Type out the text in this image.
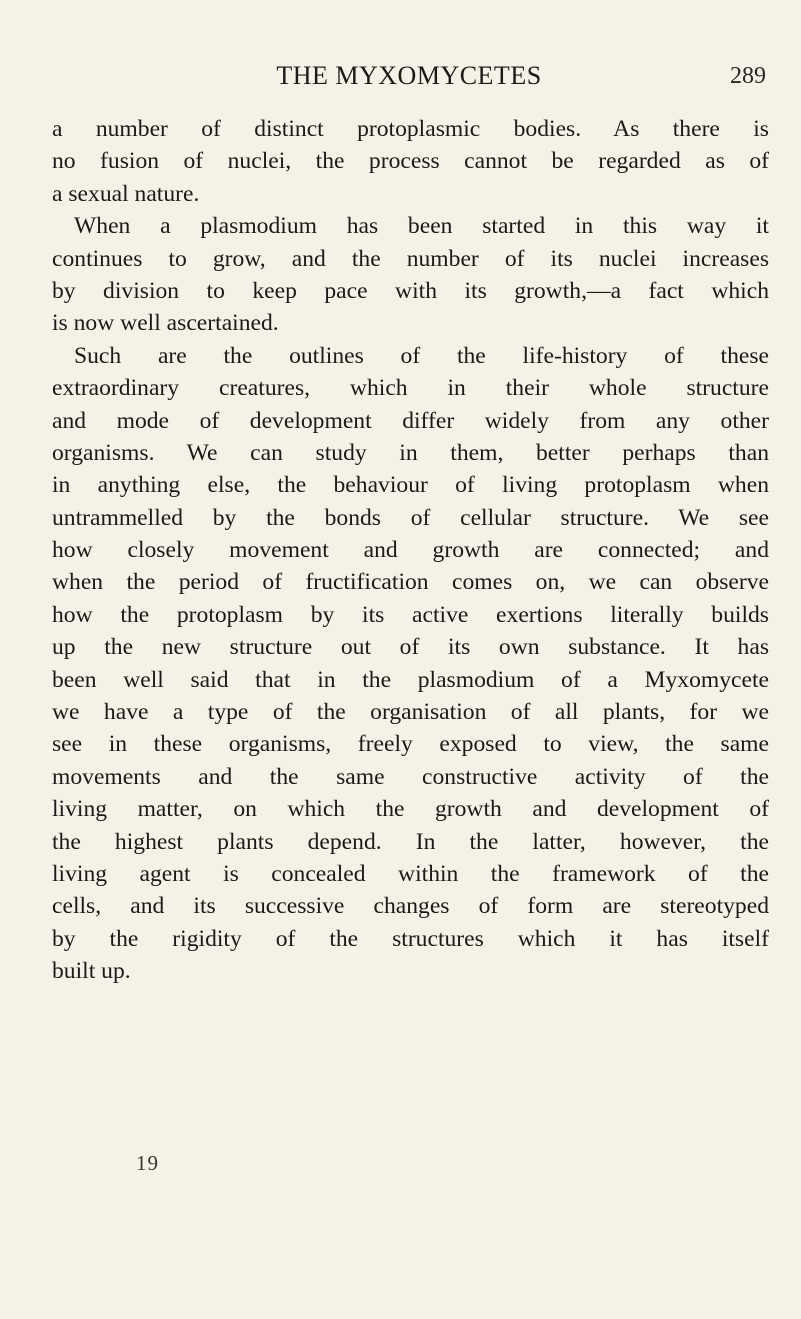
THE MYXOMYCETES	289
a number of distinct protoplasmic bodies. As there is
no fusion of nuclei, the process cannot be regarded as of
a sexual nature.
When a plasmodium has been started in this way it
continues to grow, and the number of its nuclei increases
by division to keep pace with its growth,—a fact which
is now well ascertained.
Such are the outlines of the life-history of these
extraordinary creatures, which in their whole structure
and mode of development differ widely from any other
organisms. We can study in them, better perhaps than
in anything else, the behaviour of living protoplasm when
untrammelled by the bonds of cellular structure. We see
how closely movement and growth are connected; and
when the period of fructification comes on, we can observe
how the protoplasm by its active exertions literally builds
up the new structure out of its own substance. It has
been well said that in the plasmodium of a Myxomycete
we have a type of the organisation of all plants, for we
see in these organisms, freely exposed to view, the same
movements and the same constructive activity of the
living matter, on which the growth and development of
the highest plants depend. In the latter, however, the
living agent is concealed within the framework of the
cells, and its successive changes of form are stereotyped
by the rigidity of the structures which it has itself
built up.
19
